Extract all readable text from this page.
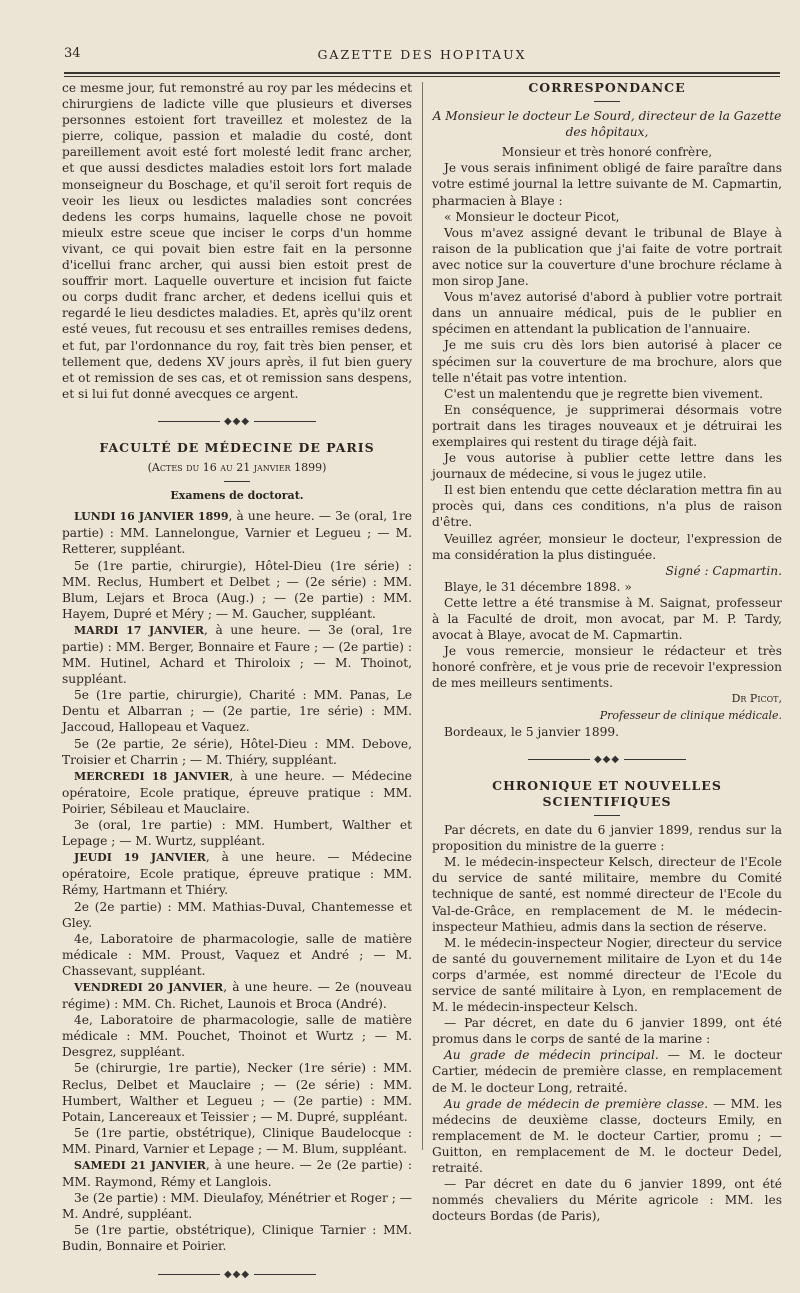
34	GAZETTE DES HOPITAUX

ce mesme jour, fut remonstré au roy par les médecins et chirurgiens de ladicte ville que plusieurs et diverses personnes estoient fort traveillez et molestez de la pierre, colique, passion et maladie du costé, dont pareillement avoit esté fort molesté ledit franc archer, et que aussi desdictes maladies estoit lors fort malade monseigneur du Boschage, et qu'il seroit fort requis de veoir les lieux ou lesdictes maladies sont concrées dedens les corps humains, laquelle chose ne povoit mieulx estre sceue que inciser le corps d'un homme vivant, ce qui povait bien estre fait en la personne d'icellui franc archer, qui aussi bien estoit prest de souffrir mort. Laquelle ouverture et incision fut faicte ou corps dudit franc archer, et dedens icellui quis et regardé le lieu desdictes maladies. Et, après qu'ilz orent esté veues, fut recousu et ses entrailles remises dedens, et fut, par l'ordonnance du roy, fait très bien penser, et tellement que, dedens XV jours après, il fut bien guery et ot remission de ses cas, et ot remission sans despens, et si lui fut donné avecques ce argent.

◆◆◆
FACULTÉ DE MÉDECINE DE PARIS
(Actes du 16 au 21 janvier 1899)
Examens de doctorat.

LUNDI 16 JANVIER 1899, à une heure. — 3e (oral, 1re partie) : MM. Lannelongue, Varnier et Legueu ; — M. Retterer, suppléant.

5e (1re partie, chirurgie), Hôtel-Dieu (1re série) : MM. Reclus, Humbert et Delbet ; — (2e série) : MM. Blum, Lejars et Broca (Aug.) ; — (2e partie) : MM. Hayem, Dupré et Méry ; — M. Gaucher, suppléant.

MARDI 17 JANVIER, à une heure. — 3e (oral, 1re partie) : MM. Berger, Bonnaire et Faure ; — (2e partie) : MM. Hutinel, Achard et Thiroloix ; — M. Thoinot, suppléant.

5e (1re partie, chirurgie), Charité : MM. Panas, Le Dentu et Albarran ; — (2e partie, 1re série) : MM. Jaccoud, Hallopeau et Vaquez.

5e (2e partie, 2e série), Hôtel-Dieu : MM. Debove, Troisier et Charrin ; — M. Thiéry, suppléant.

MERCREDI 18 JANVIER, à une heure. — Médecine opératoire, Ecole pratique, épreuve pratique : MM. Poirier, Sébileau et Mauclaire.

3e (oral, 1re partie) : MM. Humbert, Walther et Lepage ; — M. Wurtz, suppléant.

JEUDI 19 JANVIER, à une heure. — Médecine opératoire, Ecole pratique, épreuve pratique : MM. Rémy, Hartmann et Thiéry.

2e (2e partie) : MM. Mathias-Duval, Chantemesse et Gley.

4e, Laboratoire de pharmacologie, salle de matière médicale : MM. Proust, Vaquez et André ; — M. Chassevant, suppléant.

VENDREDI 20 JANVIER, à une heure. — 2e (nouveau régime) : MM. Ch. Richet, Launois et Broca (André).

4e, Laboratoire de pharmacologie, salle de matière médicale : MM. Pouchet, Thoinot et Wurtz ; — M. Desgrez, suppléant.

5e (chirurgie, 1re partie), Necker (1re série) : MM. Reclus, Delbet et Mauclaire ; — (2e série) : MM. Humbert, Walther et Legueu ; — (2e partie) : MM. Potain, Lancereaux et Teissier ; — M. Dupré, suppléant.

5e (1re partie, obstétrique), Clinique Baudelocque : MM. Pinard, Varnier et Lepage ; — M. Blum, suppléant.

SAMEDI 21 JANVIER, à une heure. — 2e (2e partie) : MM. Raymond, Rémy et Langlois.

3e (2e partie) : MM. Dieulafoy, Ménétrier et Roger ; — M. André, suppléant.

5e (1re partie, obstétrique), Clinique Tarnier : MM. Budin, Bonnaire et Poirier.

◆◆◆
CORRESPONDANCE

A Monsieur le docteur Le Sourd, directeur de la Gazette des hôpitaux,

Monsieur et très honoré confrère,

Je vous serais infiniment obligé de faire paraître dans votre estimé journal la lettre suivante de M. Capmartin, pharmacien à Blaye :

« Monsieur le docteur Picot,

Vous m'avez assigné devant le tribunal de Blaye à raison de la publication que j'ai faite de votre portrait avec notice sur la couverture d'une brochure réclame à mon sirop Jane.

Vous m'avez autorisé d'abord à publier votre portrait dans un annuaire médical, puis de le publier en spécimen en attendant la publication de l'annuaire.

Je me suis cru dès lors bien autorisé à placer ce spécimen sur la couverture de ma brochure, alors que telle n'était pas votre intention.

C'est un malentendu que je regrette bien vivement.

En conséquence, je supprimerai désormais votre portrait dans les tirages nouveaux et je détruirai les exemplaires qui restent du tirage déjà fait.

Je vous autorise à publier cette lettre dans les journaux de médecine, si vous le jugez utile.

Il est bien entendu que cette déclaration mettra fin au procès qui, dans ces conditions, n'a plus de raison d'être.

Veuillez agréer, monsieur le docteur, l'expression de ma considération la plus distinguée.

Signé : Capmartin.

Blaye, le 31 décembre 1898. »

Cette lettre a été transmise à M. Saignat, professeur à la Faculté de droit, mon avocat, par M. P. Tardy, avocat à Blaye, avocat de M. Capmartin.

Je vous remercie, monsieur le rédacteur et très honoré confrère, et je vous prie de recevoir l'expression de mes meilleurs sentiments.

Dr Picot,

Professeur de clinique médicale.

Bordeaux, le 5 janvier 1899.

◆◆◆
CHRONIQUE ET NOUVELLES SCIENTIFIQUES

Par décrets, en date du 6 janvier 1899, rendus sur la proposition du ministre de la guerre :

M. le médecin-inspecteur Kelsch, directeur de l'Ecole du service de santé militaire, membre du Comité technique de santé, est nommé directeur de l'Ecole du Val-de-Grâce, en remplacement de M. le médecin-inspecteur Mathieu, admis dans la section de réserve.

M. le médecin-inspecteur Nogier, directeur du service de santé du gouvernement militaire de Lyon et du 14e corps d'armée, est nommé directeur de l'Ecole du service de santé militaire à Lyon, en remplacement de M. le médecin-inspecteur Kelsch.

— Par décret, en date du 6 janvier 1899, ont été promus dans le corps de santé de la marine :

Au grade de médecin principal. — M. le docteur Cartier, médecin de première classe, en remplacement de M. le docteur Long, retraité.

Au grade de médecin de première classe. — MM. les médecins de deuxième classe, docteurs Emily, en remplacement de M. le docteur Cartier, promu ; — Guitton, en remplacement de M. le docteur Dedel, retraité.

— Par décret en date du 6 janvier 1899, ont été nommés chevaliers du Mérite agricole : MM. les docteurs Bordas (de Paris),
